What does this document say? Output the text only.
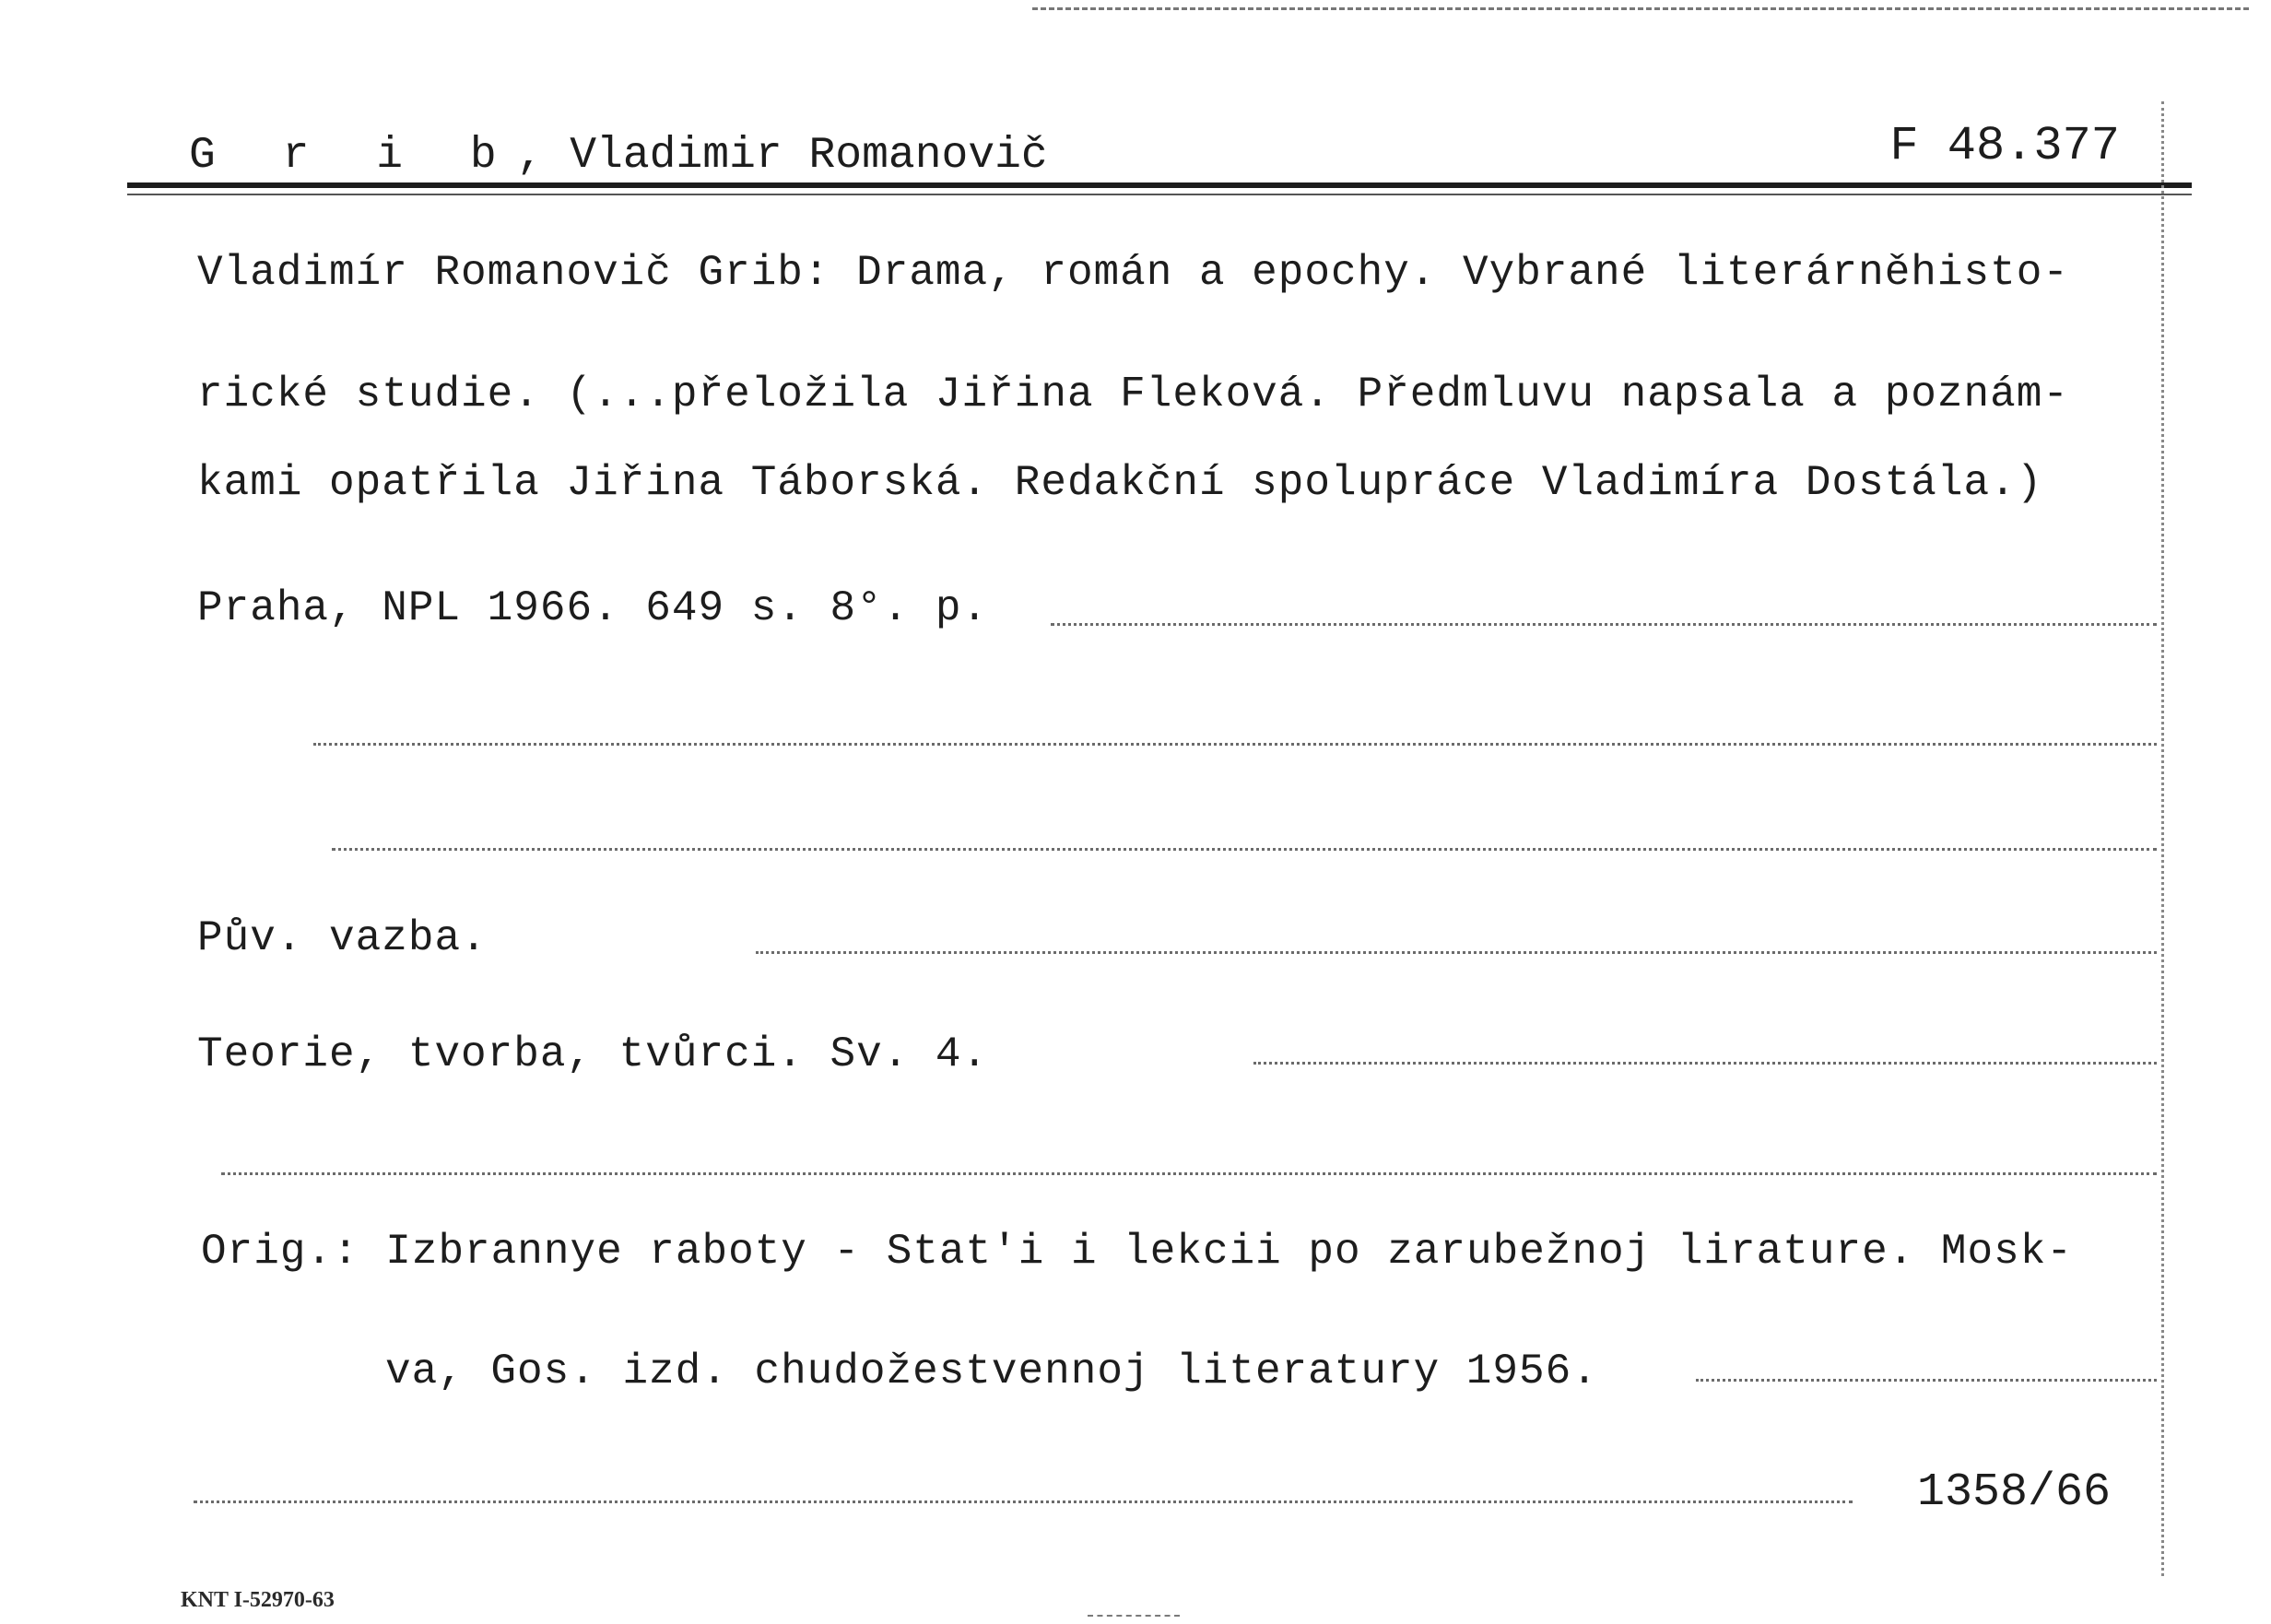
G r i b, Vladimir Romanovič	F 48.377
Vladimír Romanovič Grib: Drama, román a epochy. Vybrané literárněhisto-
rické studie. (...přeložila Jiřina Fleková. Předmluvu napsala a poznám-
kami opatřila Jiřina Táborská. Redakční spolupráce Vladimíra Dostála.)
Praha, NPL 1966. 649 s. 8°. p.
Pův. vazba.
Teorie, tvorba, tvůrci. Sv. 4.
Orig.: Izbrannye raboty - Stat'i i lekcii po zarubežnoj lirature. Mosk-
va, Gos. izd. chudožestvennoj literatury 1956.
1358/66
KNT I-52970-63
